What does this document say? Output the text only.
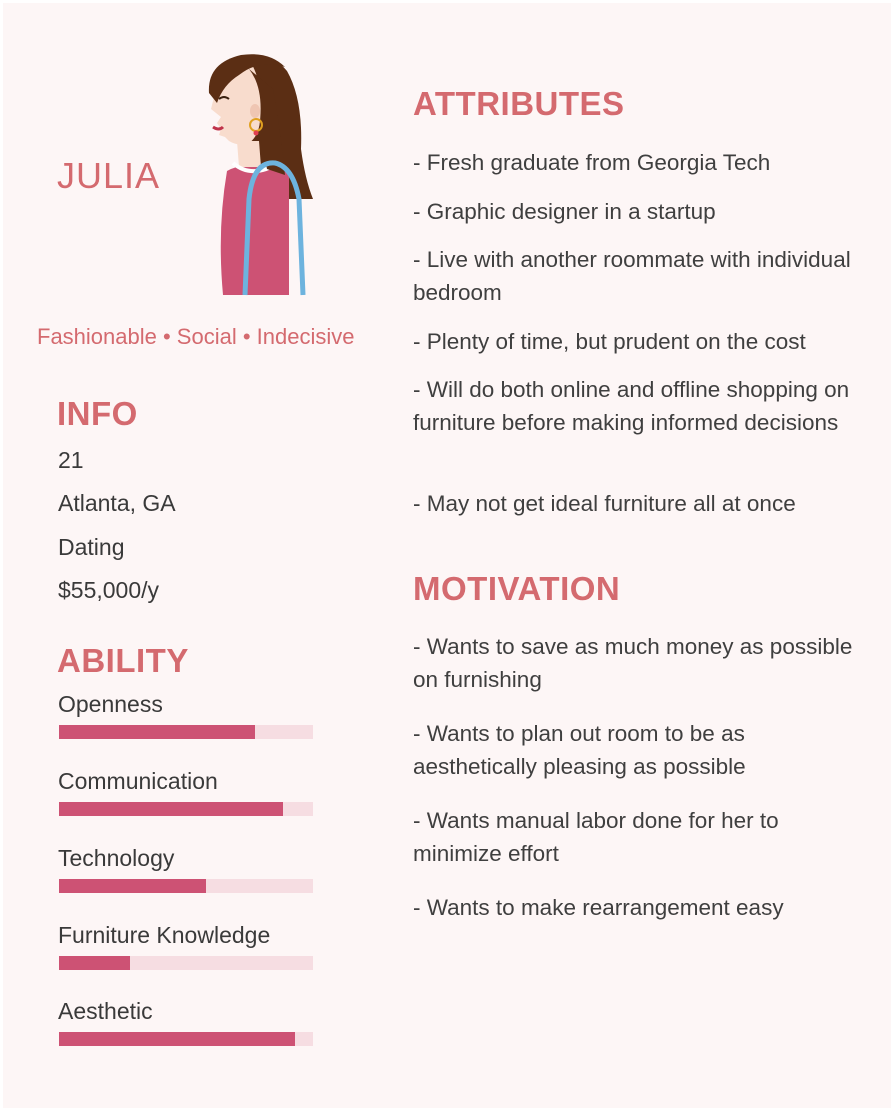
JULIA
Fashionable • Social • Indecisive
INFO
21
Atlanta, GA
Dating
$55,000/y
ABILITY
Openness
Communication
Technology
Furniture Knowledge
Aesthetic
ATTRIBUTES

- Fresh graduate from Georgia Tech

- Graphic designer in a startup

- Live with another roommate with individual bedroom

- Plenty of time, but prudent on the cost

- Will do both online and offline shopping on furniture before making informed decisions

- May not get ideal furniture all at once

MOTIVATION

- Wants to save as much money as possible on furnishing

- Wants to plan out room to be as aesthetically pleasing as possible

- Wants manual labor done for her to minimize effort

- Wants to make rearrangement easy
